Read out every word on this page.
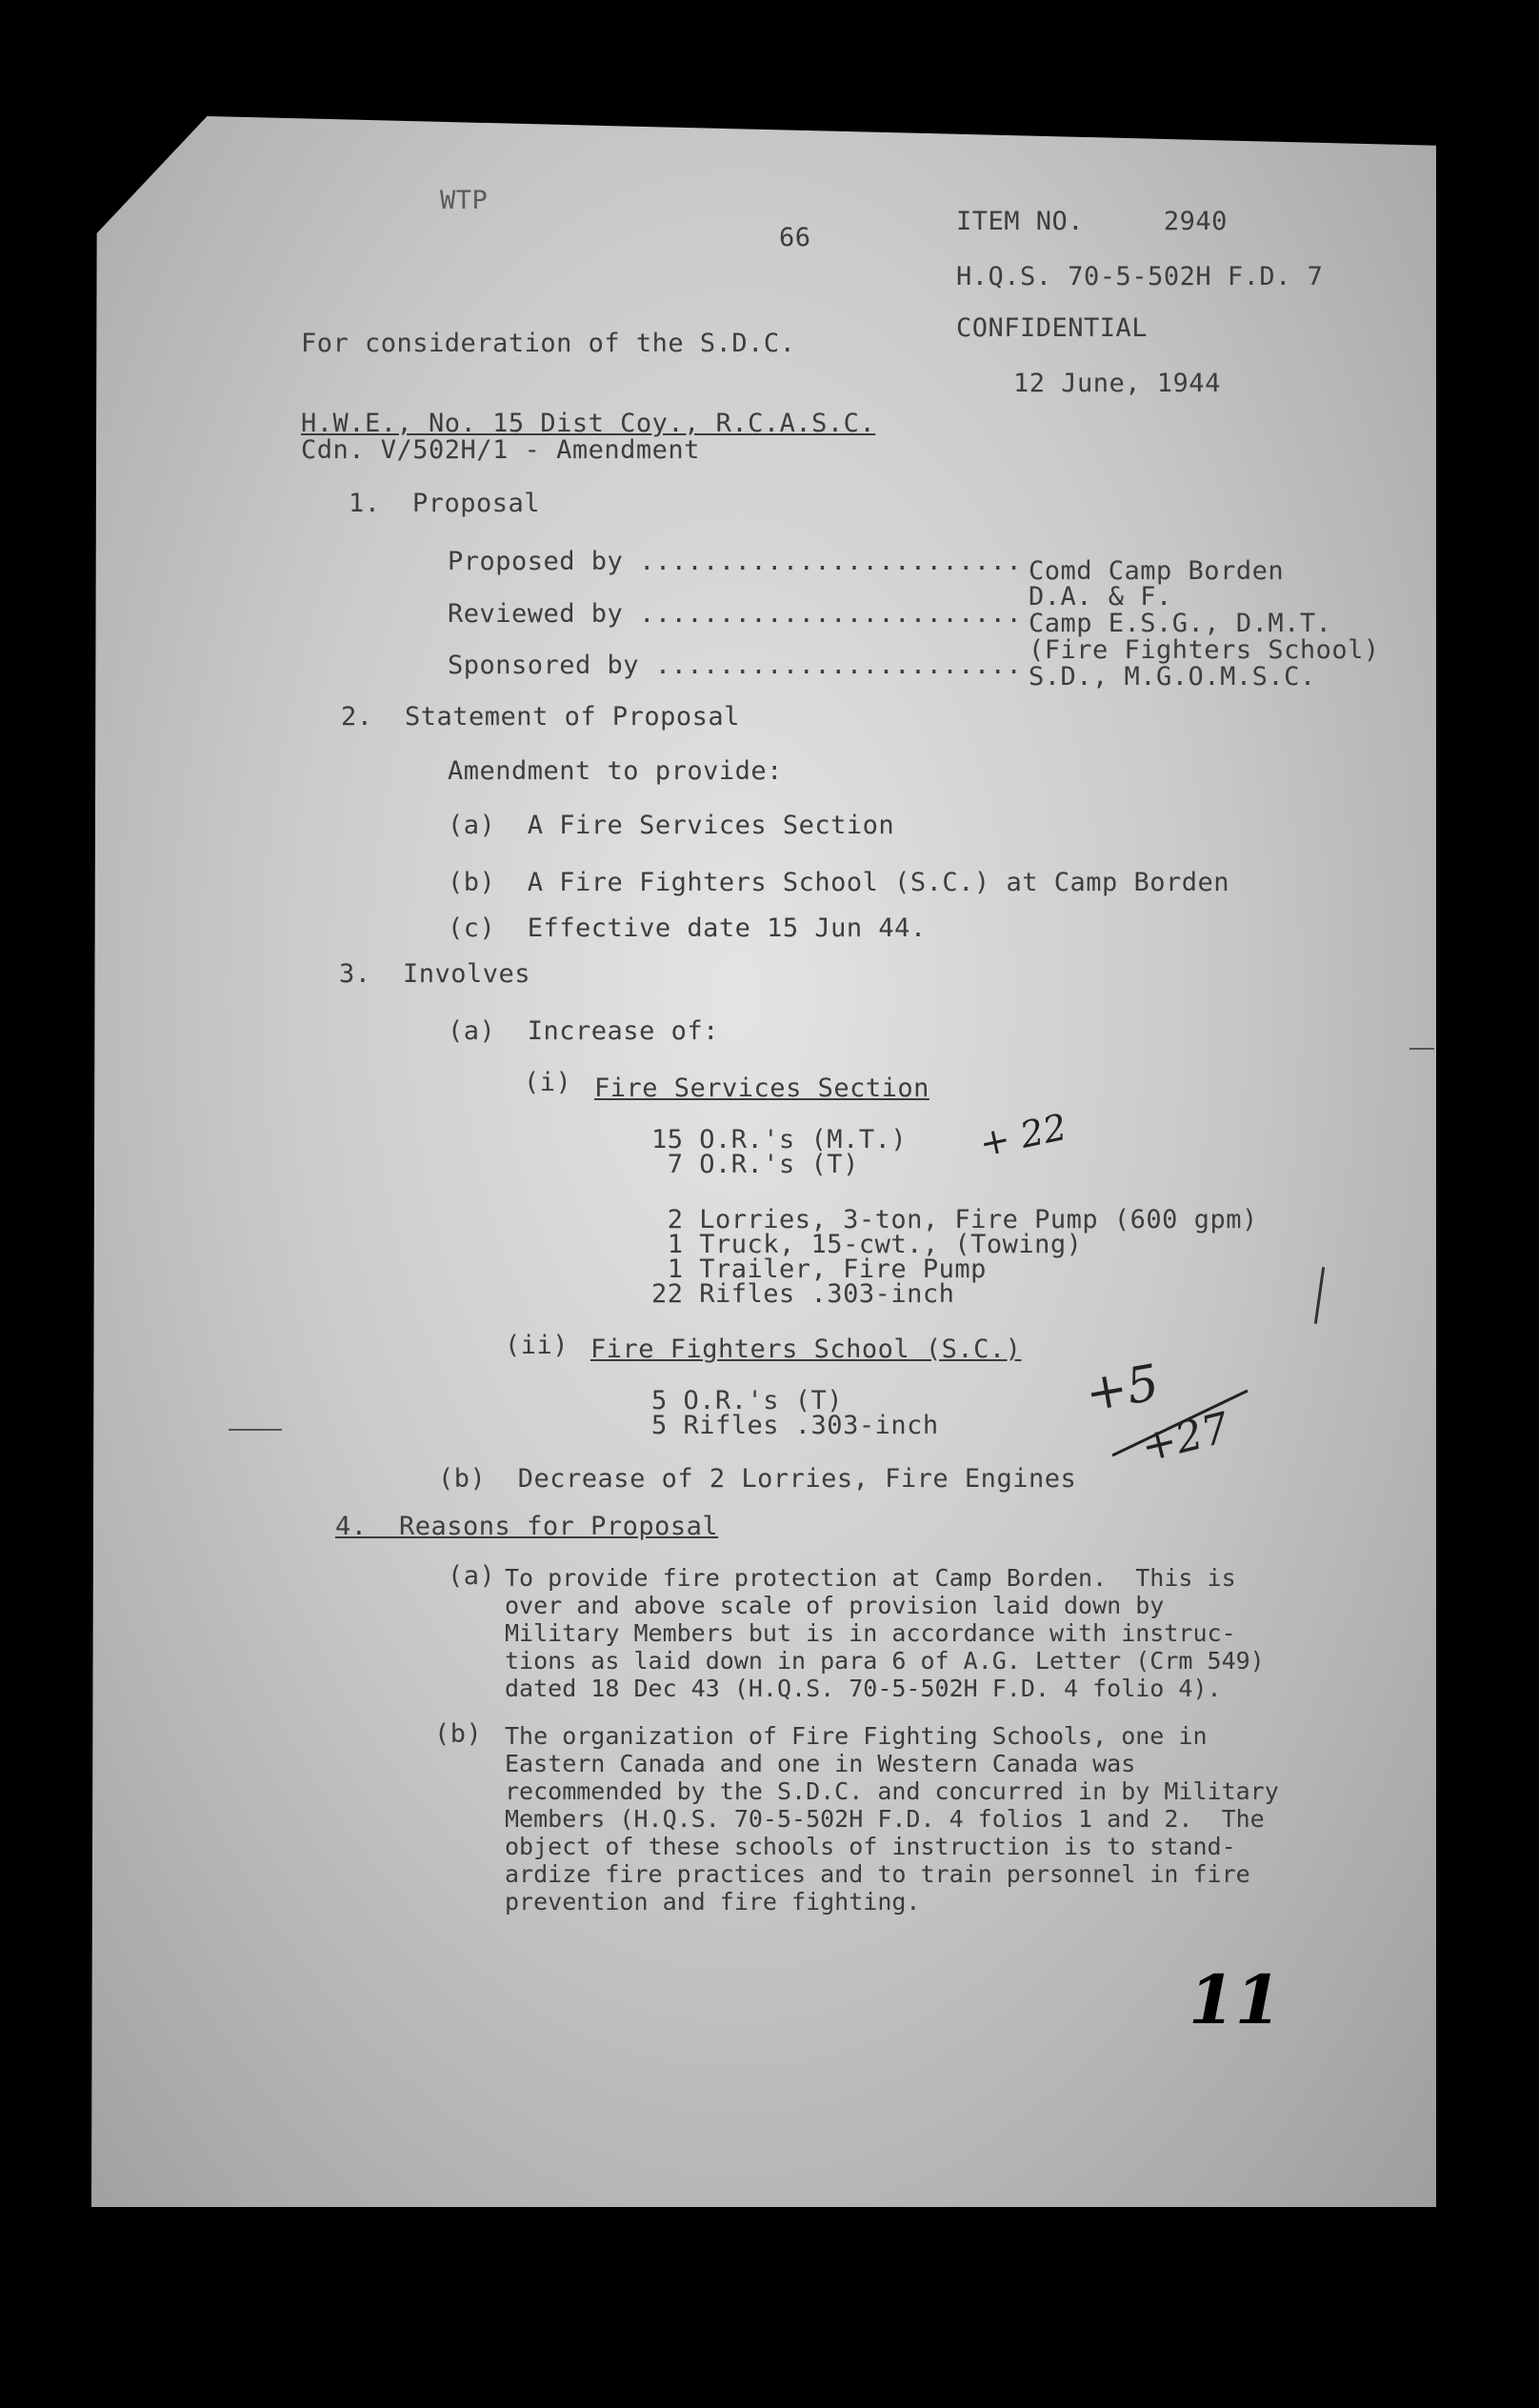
WTP
66
ITEM NO.     2940
H.Q.S. 70-5-502H F.D. 7
CONFIDENTIAL
12 June, 1944
For consideration of the S.D.C.
H.W.E., No. 15 Dist Coy., R.C.A.S.C.
Cdn. V/502H/1 - Amendment
1.  Proposal
Proposed by ........................ Comd Camp Borden
D.A. & F.
Reviewed by ........................ Camp E.S.G., D.M.T.
(Fire Fighters School)
Sponsored by ....................... S.D., M.G.O.M.S.C.
2.  Statement of Proposal
Amendment to provide:
(a)  A Fire Services Section
(b)  A Fire Fighters School (S.C.) at Camp Borden
(c)  Effective date 15 Jun 44.
3.  Involves
(a)  Increase of:
(i) Fire Services Section
15 O.R.'s (M.T.)
7 O.R.'s (T)
2 Lorries, 3-ton, Fire Pump (600 gpm)
1 Truck, 15-cwt., (Towing)
1 Trailer, Fire Pump
22 Rifles .303-inch
(ii) Fire Fighters School (S.C.)
5 O.R.'s (T)
5 Rifles .303-inch
(b)  Decrease of 2 Lorries, Fire Engines
4.  Reasons for Proposal
(a) To provide fire protection at Camp Borden.  This is
over and above scale of provision laid down by
Military Members but is in accordance with instruc-
tions as laid down in para 6 of A.G. Letter (Crm 549)
dated 18 Dec 43 (H.Q.S. 70-5-502H F.D. 4 folio 4).
(b) The organization of Fire Fighting Schools, one in
Eastern Canada and one in Western Canada was
recommended by the S.D.C. and concurred in by Military
Members (H.Q.S. 70-5-502H F.D. 4 folios 1 and 2.  The
object of these schools of instruction is to stand-
ardize fire practices and to train personnel in fire
prevention and fire fighting.
+ 22
+5
+27
11
